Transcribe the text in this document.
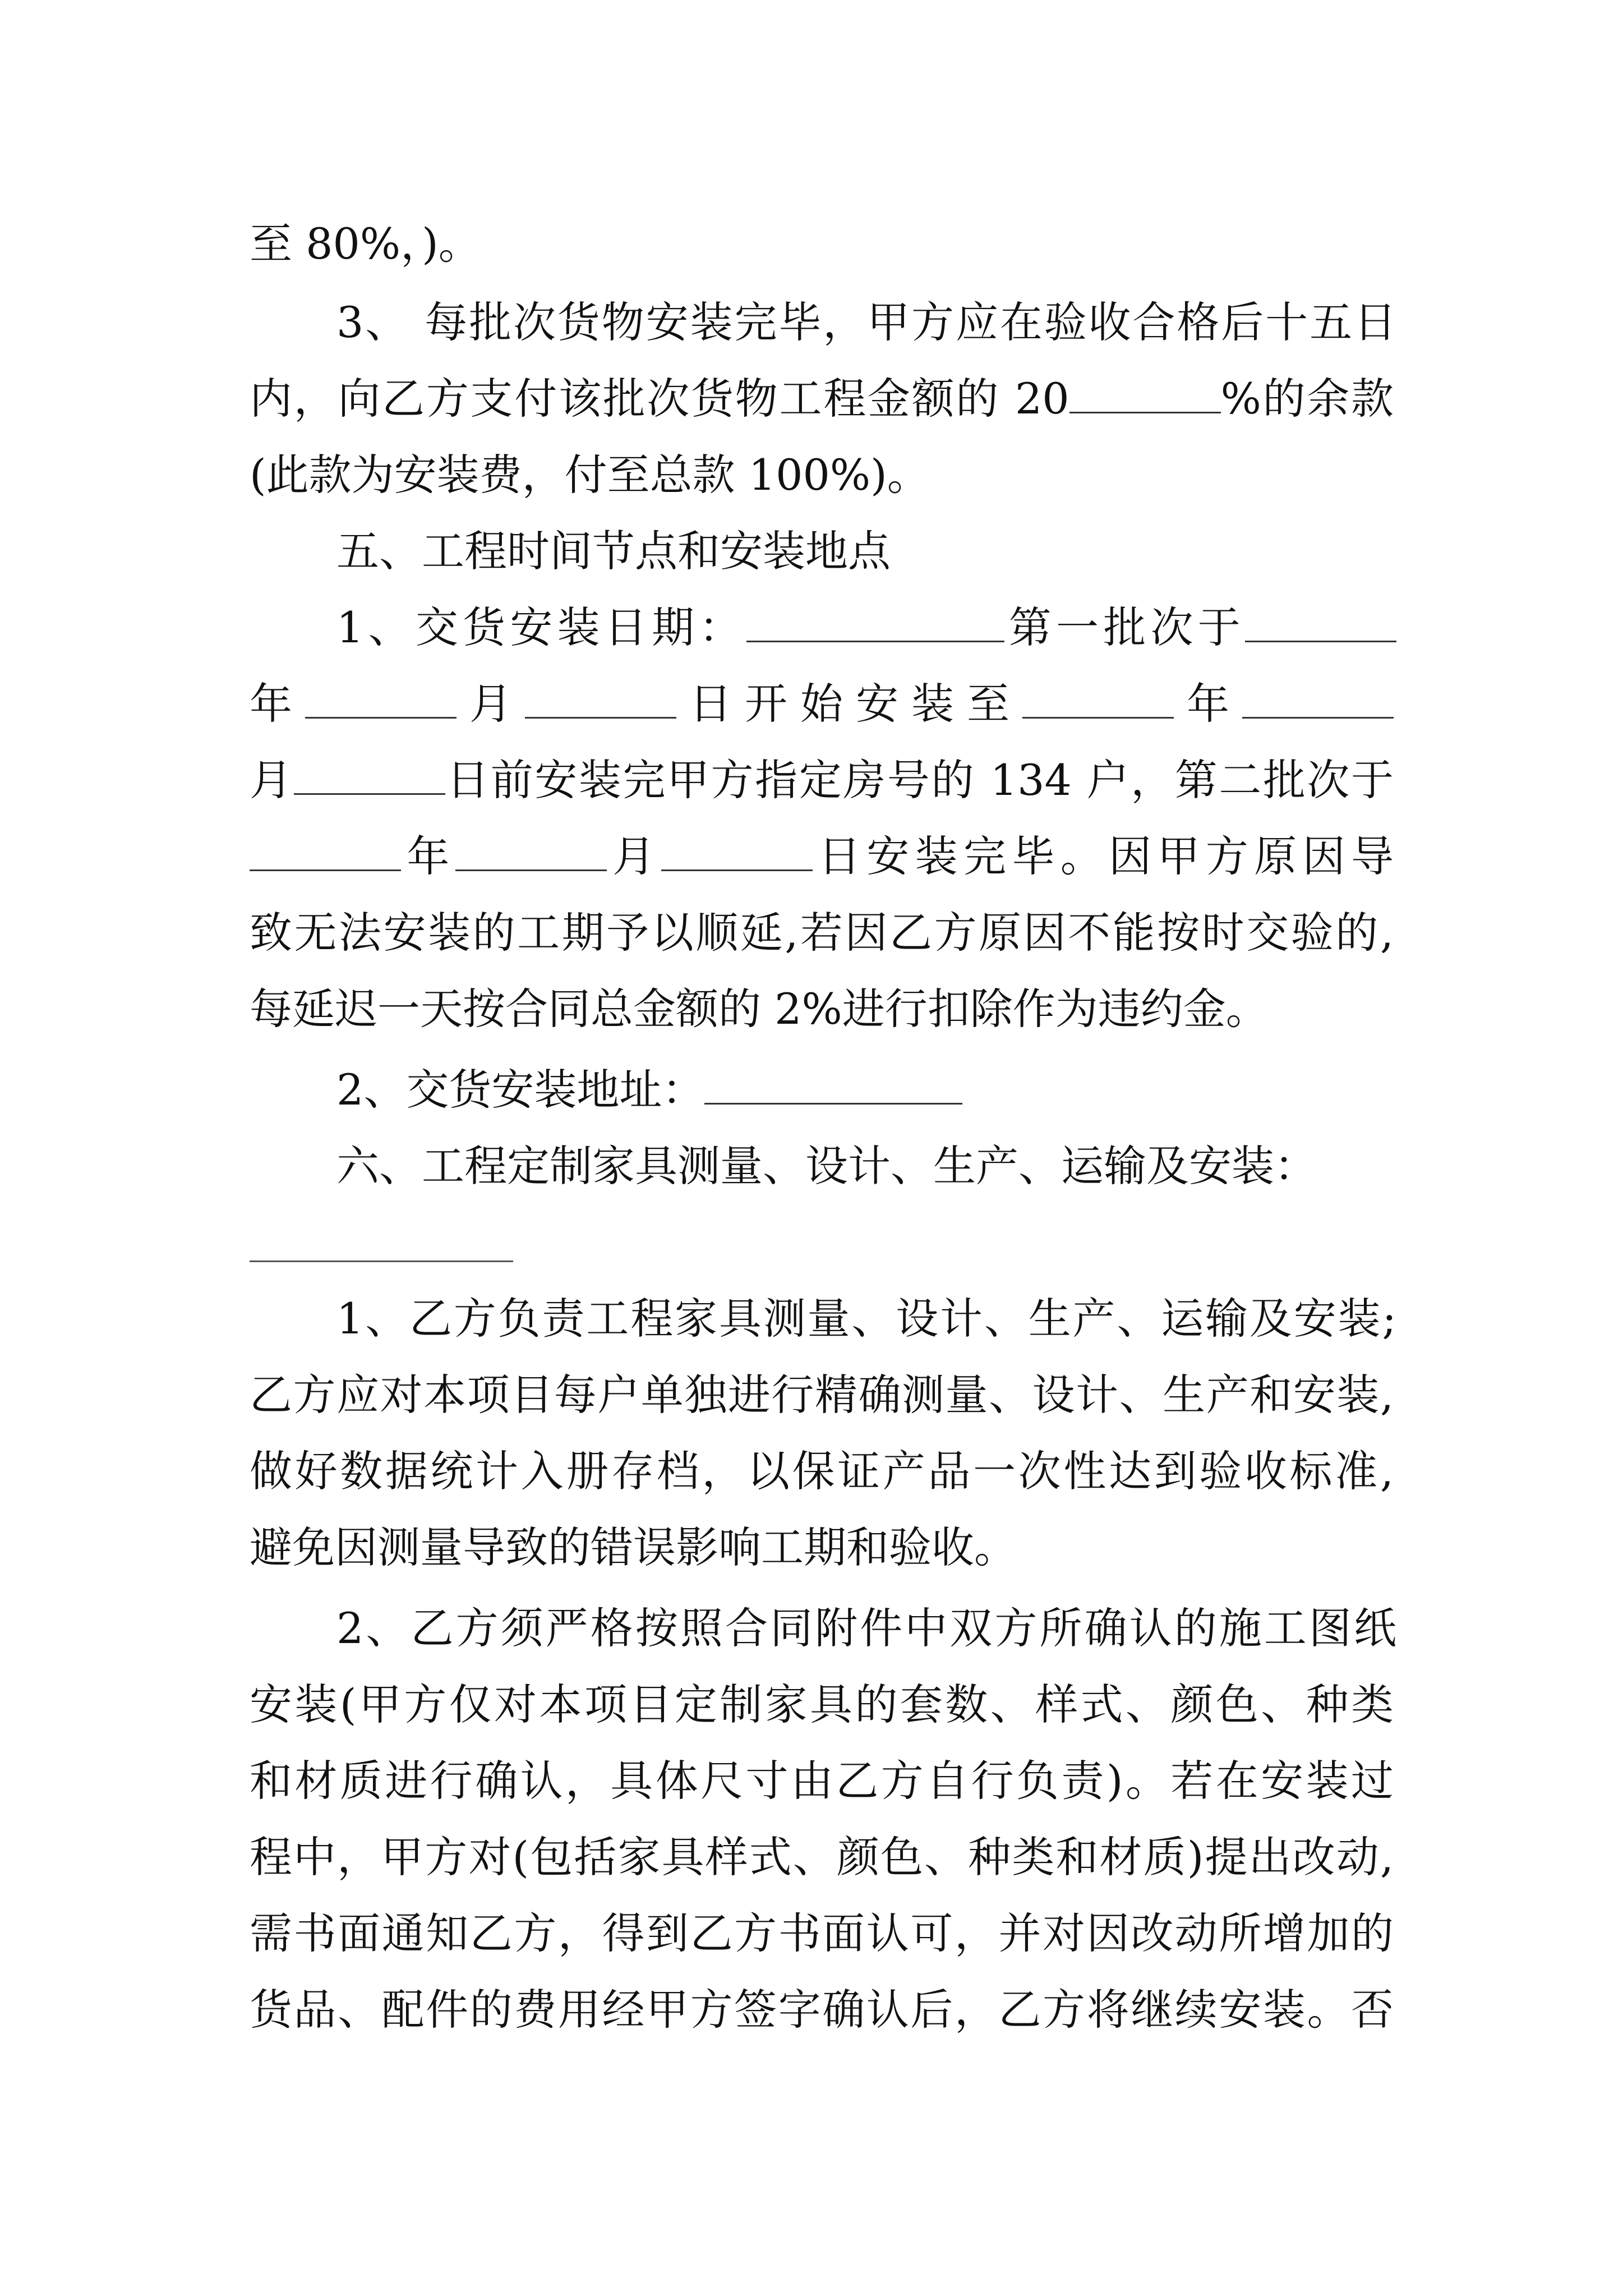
至 80%，)。
3、 每批次货物安装完毕，甲方应在验收合格后十五日
内，向乙方支付该批次货物工程金额的 20	%的余款
(此款为安装费，付至总款 100%)。
五、工程时间节点和安装地点
1、交货安装日期：	第一批次于
年	月	日开始安装至	年
月	日前安装完甲方指定房号的 134 户，第二批次于
年	月	日安装完毕。因甲方原因导
致无法安装的工期予以顺延,若因乙方原因不能按时交验的,
每延迟一天按合同总金额的 2%进行扣除作为违约金。
2、交货安装地址：
六、工程定制家具测量、设计、生产、运输及安装：
1、乙方负责工程家具测量、设计、生产、运输及安装;
乙方应对本项目每户单独进行精确测量、设计、生产和安装,
做好数据统计入册存档，以保证产品一次性达到验收标准,
避免因测量导致的错误影响工期和验收。
2、乙方须严格按照合同附件中双方所确认的施工图纸
安装(甲方仅对本项目定制家具的套数、样式、颜色、种类
和材质进行确认，具体尺寸由乙方自行负责)。若在安装过
程中，甲方对(包括家具样式、颜色、种类和材质)提出改动,
需书面通知乙方，得到乙方书面认可，并对因改动所增加的
货品、配件的费用经甲方签字确认后，乙方将继续安装。否
